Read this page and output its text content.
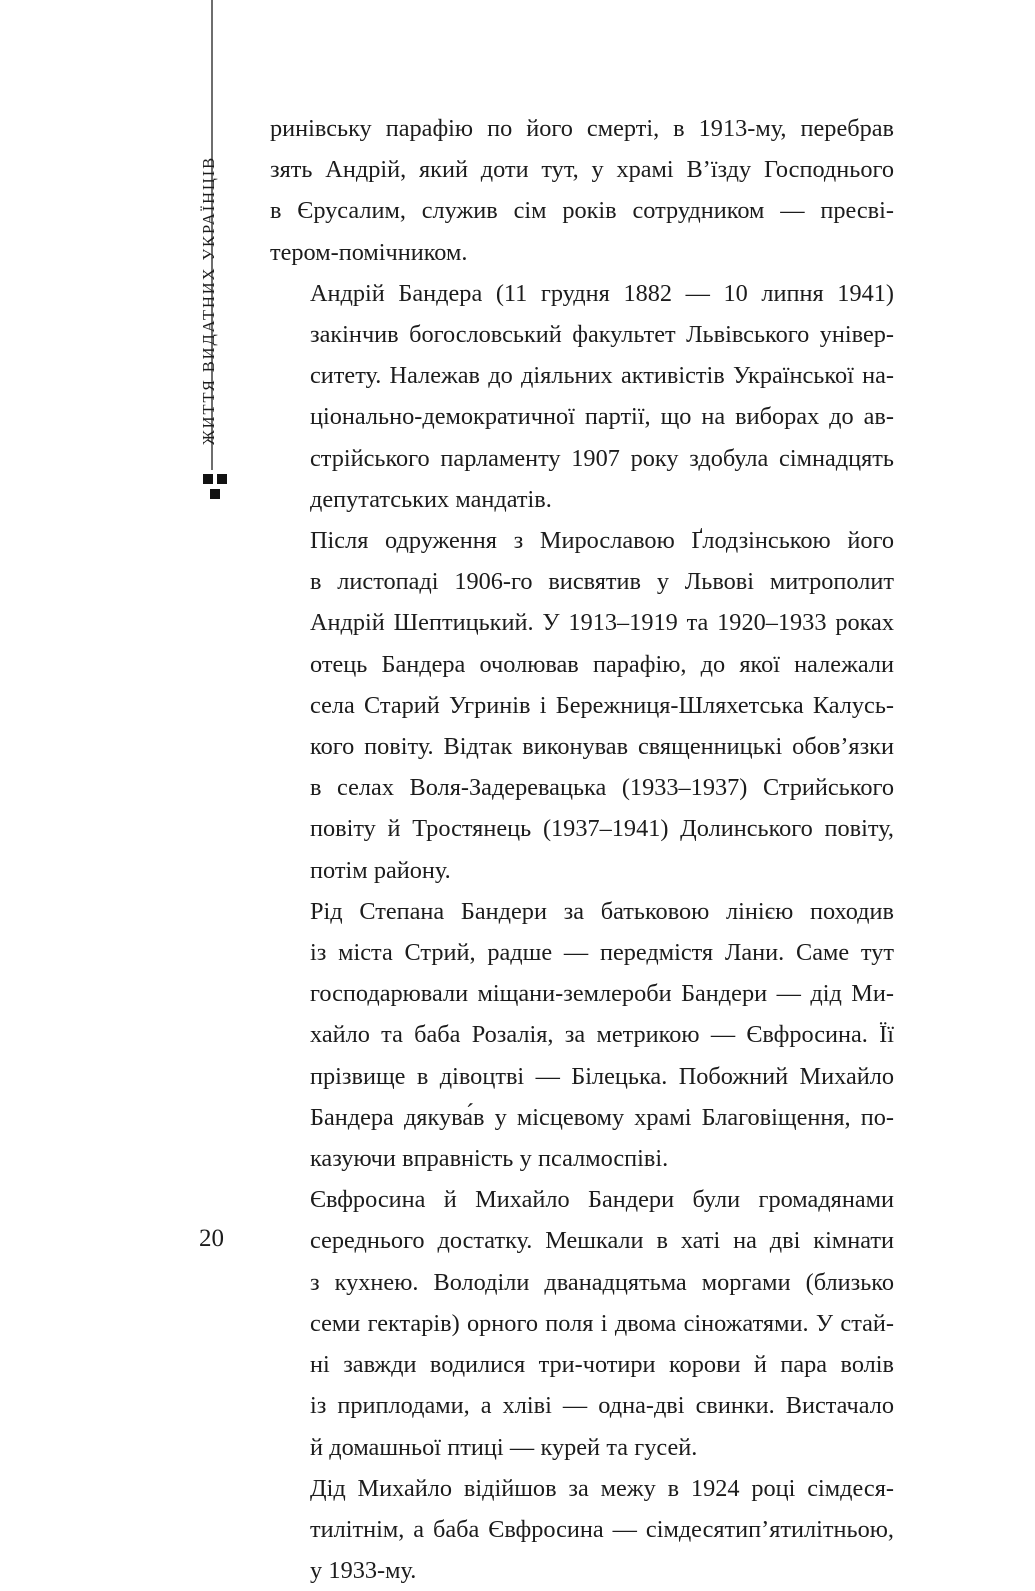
ЖИТТЯ ВИДАТНИХ УКРАЇНЦІВ

ринівську парафію по його смерті, в 1913-му, перебрав
зять Андрій, який доти тут, у храмі В’їзду Господнього
в Єрусалим, служив сім років сотрудником — пресві-
тером-помічником.

Андрій Бандера (11 грудня 1882 — 10 липня 1941)
закінчив богословський факультет Львівського універ-
ситету. Належав до діяльних активістів Української на-
ціонально-демократичної партії, що на виборах до ав-
стрійського парламенту 1907 року здобула сімнадцять
депутатських мандатів.

Після одруження з Мирославою Ґлодзінською його
в листопаді 1906-го висвятив у Львові митрополит
Андрій Шептицький. У 1913–1919 та 1920–1933 роках
отець Бандера очолював парафію, до якої належали
села Старий Угринів і Бережниця-Шляхетська Калусь-
кого повіту. Відтак виконував священницькі обов’язки
в селах Воля-Задеревацька (1933–1937) Стрийського
повіту й Тростянець (1937–1941) Долинського повіту,
потім району.

Рід Степана Бандери за батьковою лінією походив
із міста Стрий, радше — передмістя Лани. Саме тут
господарювали міщани-землероби Бандери — дід Ми-
хайло та баба Розалія, за метрикою — Євфросина. Її
прізвище в дівоцтві — Білецька. Побожний Михайло
Бандера дякува́в у місцевому храмі Благовіщення, по-
казуючи вправність у псалмоспіві.

Євфросина й Михайло Бандери були громадянами
середнього достатку. Мешкали в хаті на дві кімнати
з кухнею. Володіли дванадцятьма моргами (близько
семи гектарів) орного поля і двома сіножатями. У стай-
ні завжди водилися три-чотири корови й пара волів
із приплодами, а хліві — одна-дві свинки. Вистачало
й домашньої птиці — курей та гусей.

Дід Михайло відійшов за межу в 1924 році сімдеся-
тилітнім, а баба Євфросина — сімдесятип’ятилітньою,
у 1933-му.

20
